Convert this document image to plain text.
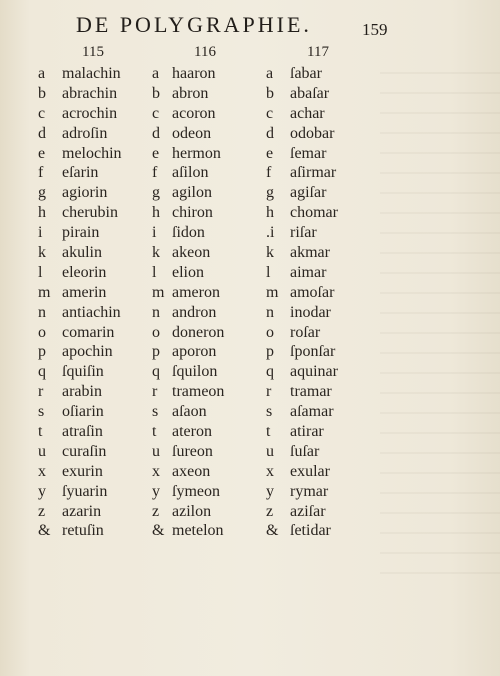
DE POLYGRAPHIE.	159
115	116	117
a malachin a haaron	a ſabar
b abrachin b abron	b abaſar
c acrochin c acoron	c achar
d adroſin	d odeon	d odobar
e melochin e hermon	e ſemar
f eſarin	f aſilon	f aſirmar
g agiorin	g agilon	g agiſar
h cherubin h chiron	h chomar
i pirain	i ſidon	.i riſar
k akulin	k akeon	k akmar
l eleorin	l elion	l aimar
m amerin	m ameron	m amoſar
n antiachin n andron	n inodar
o comarin o doneron	o roſar
p apochin p aporon	p ſponſar
q ſquiſin	q ſquilon	q aquinar
r arabin	r trameon	r tramar
s oſiarin	s aſaon	s aſamar
t atraſin	t ateron	t atirar
u curaſin	u ſureon	u ſuſar
x exurin	x axeon	x exular
y ſyuarin	y ſymeon	y rymar
z azarin	z azilon	z aziſar
& retuſin	& metelon	& ſetidar
